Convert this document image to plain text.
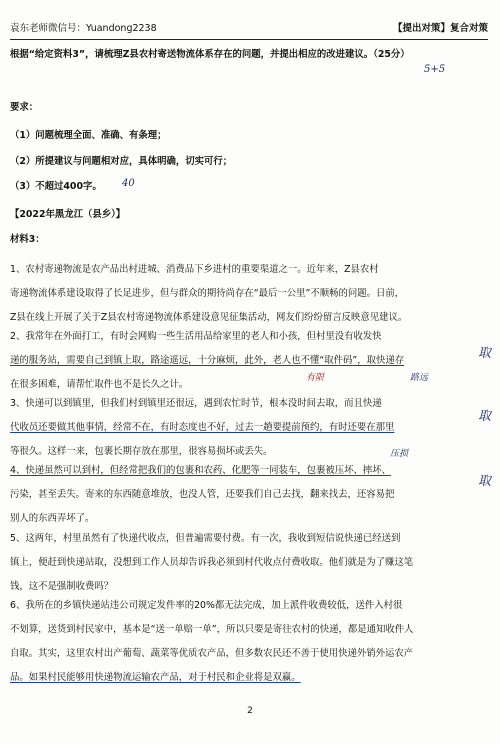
袁东老师微信号：Yuandong2238	【提出对策】复合对策
根据“给定资料3”，请梳理Z县农村寄送物流体系存在的问题，并提出相应的改进建议。（25分）
5+5
要求：
（1）问题梳理全面、准确、有条理；
（2）所提建议与问题相对应，具体明确，切实可行；
（3）不超过400字。	40
【2022年黑龙江（县乡）】
材料3：
1、农村寄递物流是农产品出村进城、消费品下乡进村的重要渠道之一。近年来，Z县农村
寄递物流体系建设取得了长足进步，但与群众的期待尚存在“最后一公里”不顺畅的问题。日前，
Z县在线上开展了关于Z县农村寄递物流体系建设意见征集活动，网友们纷纷留言反映意见建议。
2、我常年在外面打工，有时会网购一些生活用品给家里的老人和小孩，但村里没有收发快
递的服务站，需要自己到镇上取，路途遥远，十分麻烦，此外，老人也不懂“取件码”，取快递存
在很多困难，请帮忙取件也不是长久之计。
取
有限	路远
3、快递可以到镇里，但我们村到镇里还很远，遇到农忙时节，根本没时间去取，而且快递
代收员还要做其他事情，经常不在，有时态度也不好，过去一趟要提前预约，有时还要在那里
等很久。这样一来，包裹长期存放在那里，很容易损坏或丢失。
取
4、快递虽然可以到村，但经常把我们的包裹和农药、化肥等一同装车，包裹被压坏、摔坏、
污染，甚至丢失。寄来的东西随意堆放，也没人管，还要我们自己去找，翻来找去，还容易把
别人的东西弄坏了。
压损
取
5、这两年，村里虽然有了快递代收点，但普遍需要付费。有一次，我收到短信说快递已经送到
镇上，便赶到快递站取，没想到工作人员却告诉我必须到村代收点付费收取。他们就是为了赚这笔
钱，这不是强制收费吗？
6、我所在的乡镇快递站违公司规定发件率的20%都无法完成，加上派件收费较低，送件入村很
不划算，送货到村民家中，基本是“送一单赔一单”，所以只要是寄往农村的快递，都是通知收件人
自取。其实，这里农村出产葡萄、蔬菜等优质农产品，但多数农民还不善于使用快递外销外运农产
品。如果村民能够用快递物流运输农产品，对于村民和企业将是双赢。
2
